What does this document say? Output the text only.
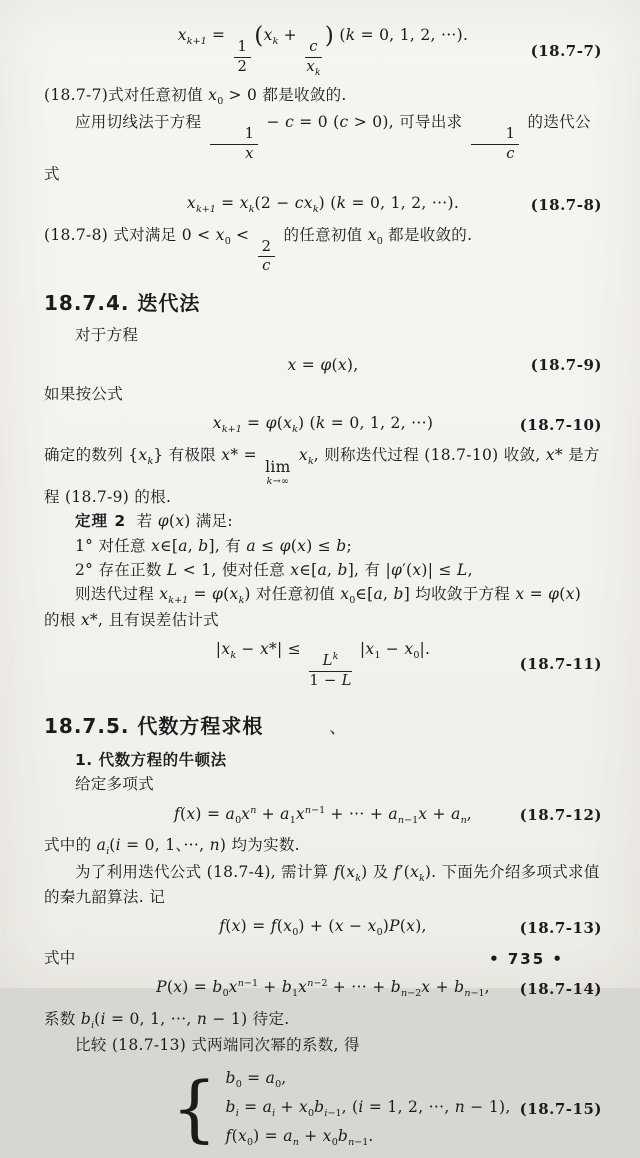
$x_{k+1}$ =
$\frac{1}{2}$
($x_k$ +
$\frac{c}{x_k}$
) (k = 0, 1, 2, ···).
(18.7-7)

(18.7-7)式对任意初值 $x_0 > 0$ 都是收敛的.

应用切线法于方程
$\frac{1}{x}$
− c = 0 (c > 0), 可导出求
$\frac{1}{c}$
的迭代公式

$x_{k+1} = x_k(2 - cx_k) (k = 0$, 1, 2, ···).	(18.7-8)

(18.7-8) 式对满足 $0 < x_0$ <
$\frac{2}{c}$
的任意初值 $x_0$ 都是收敛的.

18.7.4. 迭代法

对于方程

x = φ(x),	(18.7-9)

如果按公式

$x_{k+1} = \varphi(x_k) (k = 0$, 1, 2, ···)	(18.7-10)

确定的数列 $\{x_k\}$ 有极限 x* =
lim
k→∞
$x_k$, 则称迭代过程 (18.7-10) 收敛, x* 是方程 (18.7-9) 的根.

定理 2 若 φ(x) 满足:

1° 对任意 x∈[a, b], 有 a ≤ φ(x) ≤ b;

2° 存在正数 L < 1, 使对任意 x∈[a, b], 有 |φ′(x)| ≤ L,

则迭代过程 $x_{k+1} = \varphi(x_k)$ 对任意初值 $x_0\in[a$, b] 均收敛于方程 x = φ(x) 的根 x*, 且有误差估计式

$|x_k - x*|$ ≤
$\frac{L^k}{1 - L}$
$|x_1 - x_0|$.
(18.7-11)
18.7.5. 代数方程求根	、

1. 代数方程的牛顿法

给定多项式

$f(x) = a_0x^n + a_1x^{n-1}$ + ··· + $a_{n-1}x + a_n$,	(18.7-12)

式中的 $a_i(i = 0$, 1、···, n) 均为实数.

为了利用迭代公式 (18.7-4), 需计算 $f(x_k)$ 及 $f'(x_k)$. 下面先介绍多项式求值的秦九韶算法. 记

$f(x) = f(x_0) + (x - x_0)P(x)$,	(18.7-13)

式中

$P(x) = b_0x^{n-1} + b_1x^{n-2}$ + ··· + $b_{n-2}x + b_{n-1}$, (18.7-14)

系数 $b_i(i = 0$, 1, ···, n − 1) 待定.

比较 (18.7-13) 式两端同次幂的系数, 得

{ $b_0 = a_0$,
$b_i = a_i + x_0b_{i-1}$, (i = 1, 2, ···, n − 1),
$f(x_0) = a_n + x_0b_{n-1}$.
(18.7-15)
• 735 •
